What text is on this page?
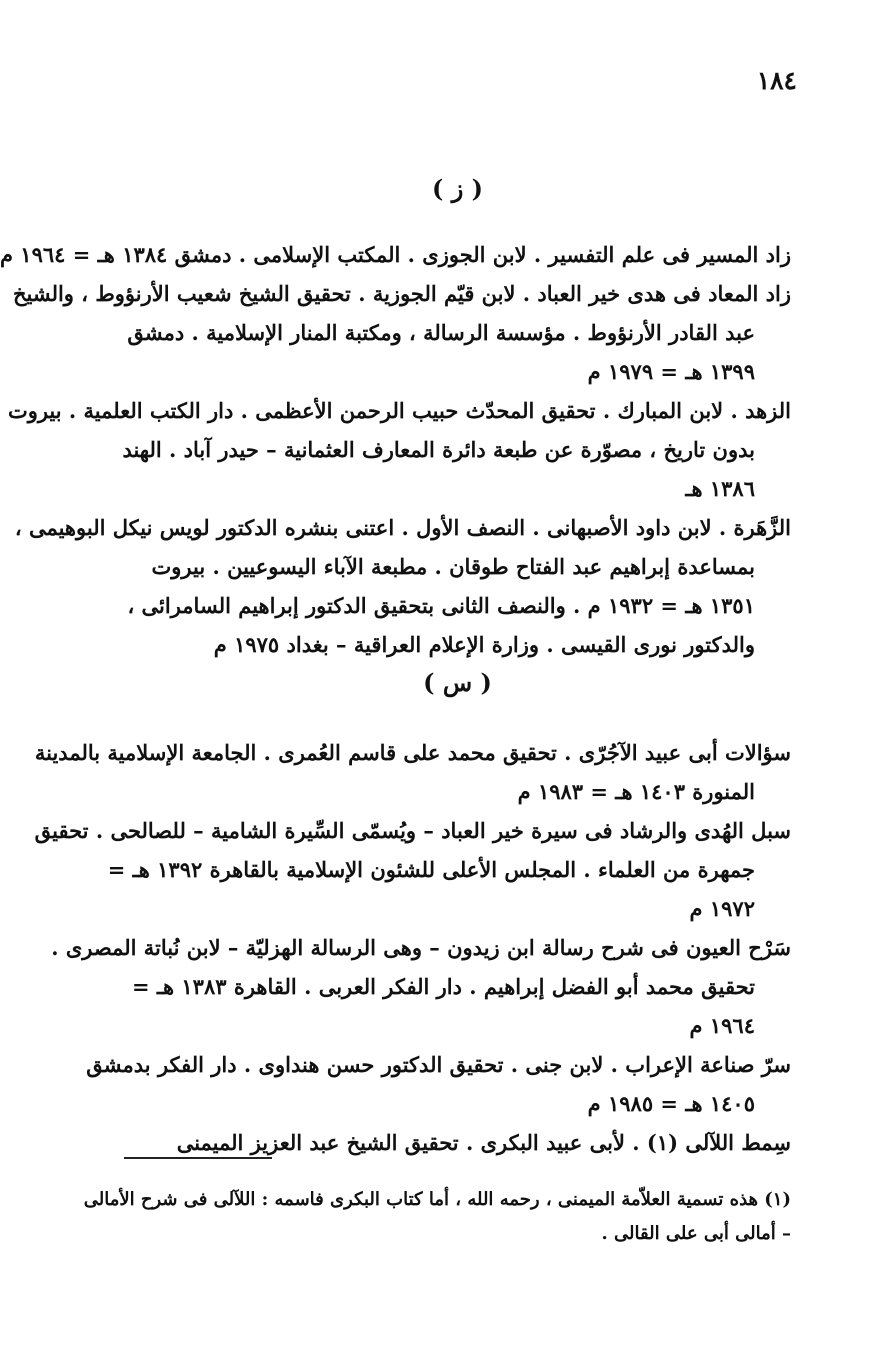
١٨٤
( ز )
زاد المسير فى علم التفسير . لابن الجوزى . المكتب الإسلامى . دمشق ١٣٨٤ هـ = ١٩٦٤ م
زاد المعاد فى هدى خير العباد . لابن قيّم الجوزية . تحقيق الشيخ شعيب الأرنؤوط ، والشيخ
عبد القادر الأرنؤوط . مؤسسة الرسالة ، ومكتبة المنار الإسلامية . دمشق
١٣٩٩ هـ = ١٩٧٩ م
الزهد . لابن المبارك . تحقيق المحدّث حبيب الرحمن الأعظمى . دار الكتب العلمية . بيروت
بدون تاريخ ، مصوّرة عن طبعة دائرة المعارف العثمانية – حيدر آباد . الهند
١٣٨٦ هـ
الزَّهَرة . لابن داود الأصبهانى . النصف الأول . اعتنى بنشره الدكتور لويس نيكل البوهيمى ،
بمساعدة إبراهيم عبد الفتاح طوقان . مطبعة الآباء اليسوعيين . بيروت
١٣٥١ هـ = ١٩٣٢ م . والنصف الثانى بتحقيق الدكتور إبراهيم السامرائى ،
والدكتور نورى القيسى . وزارة الإعلام العراقية – بغداد ١٩٧٥ م
( س )
سؤالات أبى عبيد الآجُرّى . تحقيق محمد على قاسم العُمرى . الجامعة الإسلامية بالمدينة
المنورة ١٤٠٣ هـ = ١٩٨٣ م
سبل الهُدى والرشاد فى سيرة خير العباد – ويُسمّى السِّيرة الشامية – للصالحى . تحقيق
جمهرة من العلماء . المجلس الأعلى للشئون الإسلامية بالقاهرة ١٣٩٢ هـ =
١٩٧٢ م
سَرْح العيون فى شرح رسالة ابن زيدون – وهى الرسالة الهزليّة – لابن نُباتة المصرى .
تحقيق محمد أبو الفضل إبراهيم . دار الفكر العربى . القاهرة ١٣٨٣ هـ =
١٩٦٤ م
سرّ صناعة الإعراب . لابن جنى . تحقيق الدكتور حسن هنداوى . دار الفكر بدمشق
١٤٠٥ هـ = ١٩٨٥ م
سِمط اللآلى (١) . لأبى عبيد البكرى . تحقيق الشيخ عبد العزيز الميمنى
(١) هذه تسمية العلاّمة الميمنى ، رحمه الله ، أما كتاب البكرى فاسمه : اللآلى فى شرح الأمالى
– أمالى أبى على القالى .
